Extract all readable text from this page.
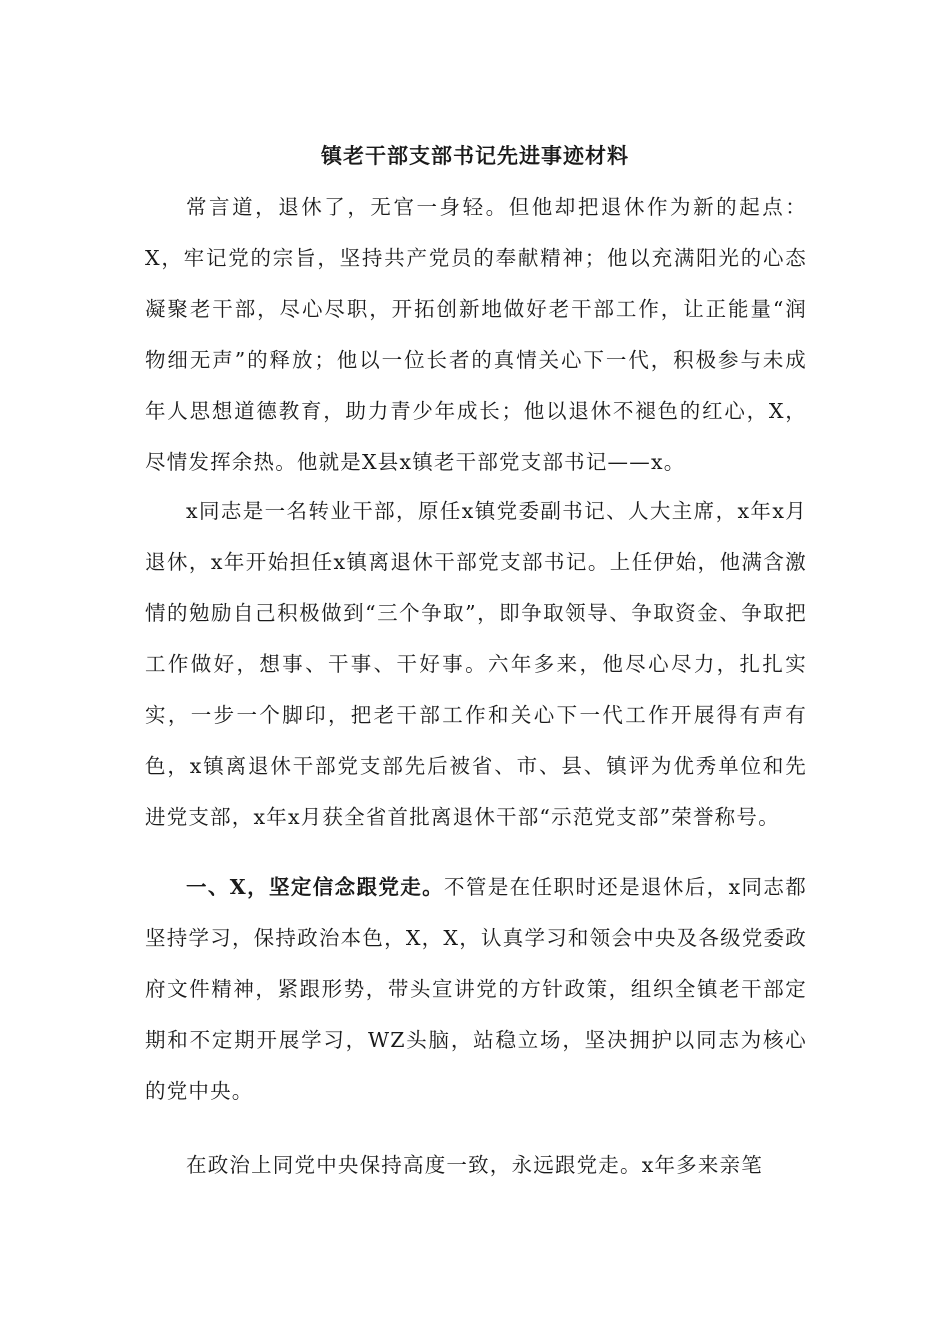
镇老干部支部书记先进事迹材料

常言道，退休了，无官一身轻。但他却把退休作为新的起点：X，牢记党的宗旨，坚持共产党员的奉献精神；他以充满阳光的心态凝聚老干部，尽心尽职，开拓创新地做好老干部工作，让正能量“润物细无声”的释放；他以一位长者的真情关心下一代，积极参与未成年人思想道德教育，助力青少年成长；他以退休不褪色的红心，X，尽情发挥余热。他就是X县x镇老干部党支部书记——x。

x同志是一名转业干部，原任x镇党委副书记、人大主席，x年x月退休，x年开始担任x镇离退休干部党支部书记。上任伊始，他满含激情的勉励自己积极做到“三个争取”，即争取领导、争取资金、争取把工作做好，想事、干事、干好事。六年多来，他尽心尽力，扎扎实实，一步一个脚印，把老干部工作和关心下一代工作开展得有声有色，x镇离退休干部党支部先后被省、市、县、镇评为优秀单位和先进党支部，x年x月获全省首批离退休干部“示范党支部”荣誉称号。

一、X，坚定信念跟党走。不管是在任职时还是退休后，x同志都坚持学习，保持政治本色，X，X，认真学习和领会中央及各级党委政府文件精神，紧跟形势，带头宣讲党的方针政策，组织全镇老干部定期和不定期开展学习，WZ头脑，站稳立场，坚决拥护以同志为核心的党中央。

在政治上同党中央保持高度一致，永远跟党走。x年多来亲笔
